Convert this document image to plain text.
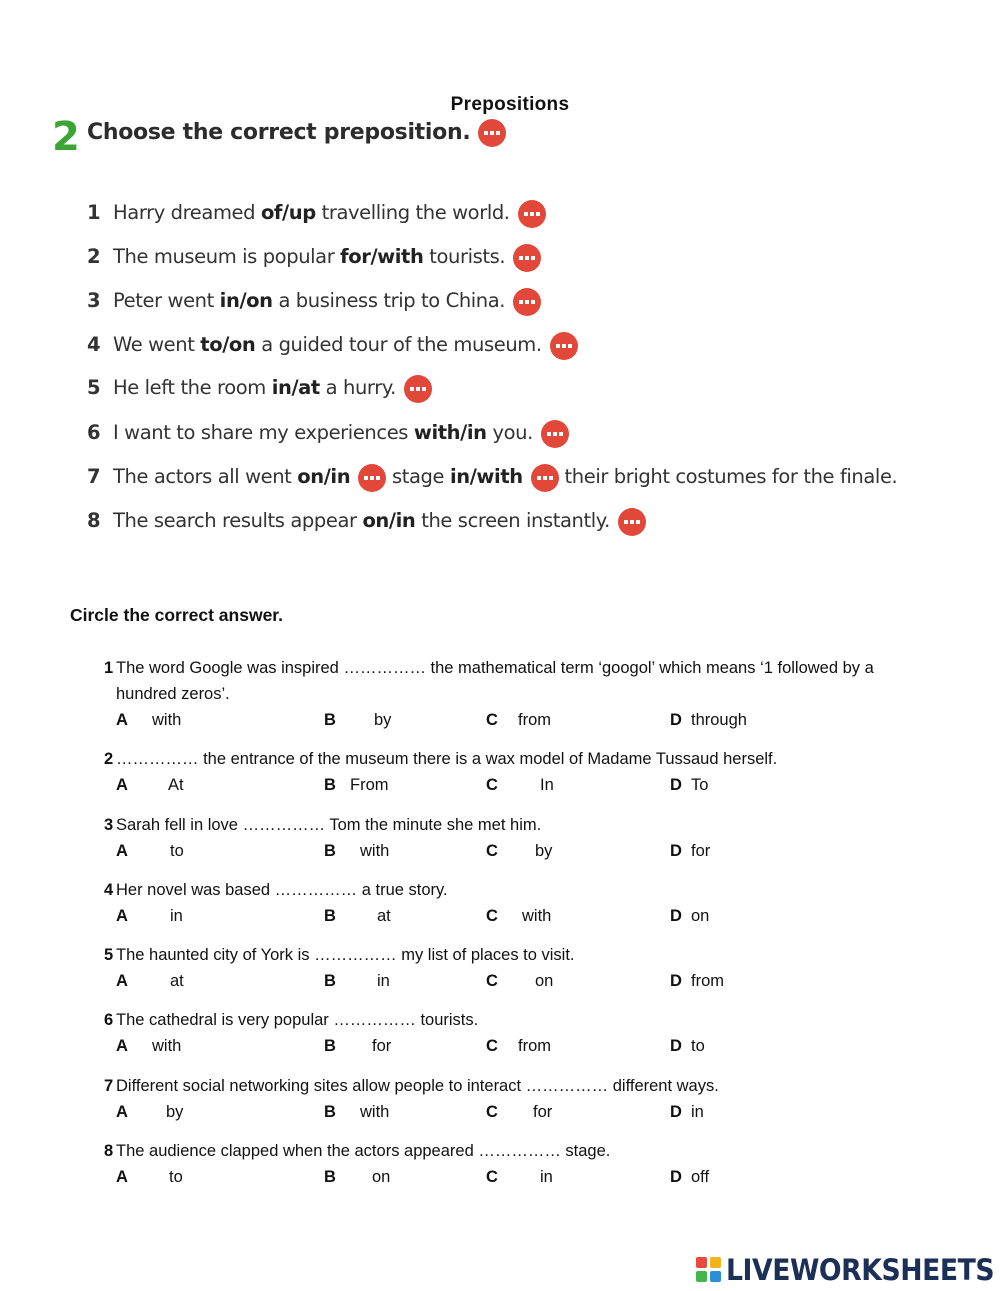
Prepositions
2 Choose the correct preposition.
1 Harry dreamed of/up travelling the world.
2 The museum is popular for/with tourists.
3 Peter went in/on a business trip to China.
4 We went to/on a guided tour of the museum.
5 He left the room in/at a hurry.
6 I want to share my experiences with/in you.
7 The actors all went on/in stage in/with their bright costumes for the finale.
8 The search results appear on/in the screen instantly.
Circle the correct answer.
1 The word Google was inspired …………… the mathematical term ‘googol’ which means ‘1 followed by a
hundred zeros’.
A with	B by	C from	D through
2 …………… the entrance of the museum there is a wax model of Madame Tussaud herself.
A At	B From	C	In	D To
3 Sarah fell in love …………… Tom the minute she met him.
A	to	B with	C by	D for
4 Her novel was based …………… a true story.
A	in	B at	C with	D on
5 The haunted city of York is …………… my list of places to visit.
A	at	B in	C on	D from
6 The cathedral is very popular …………… tourists.
A with	B for	C from	D to
7 Different social networking sites allow people to interact …………… different ways.
A by	B with	C for	D in
8 The audience clapped when the actors appeared …………… stage.
A to	B on	C	in	D off
LIVEWORKSHEETS
